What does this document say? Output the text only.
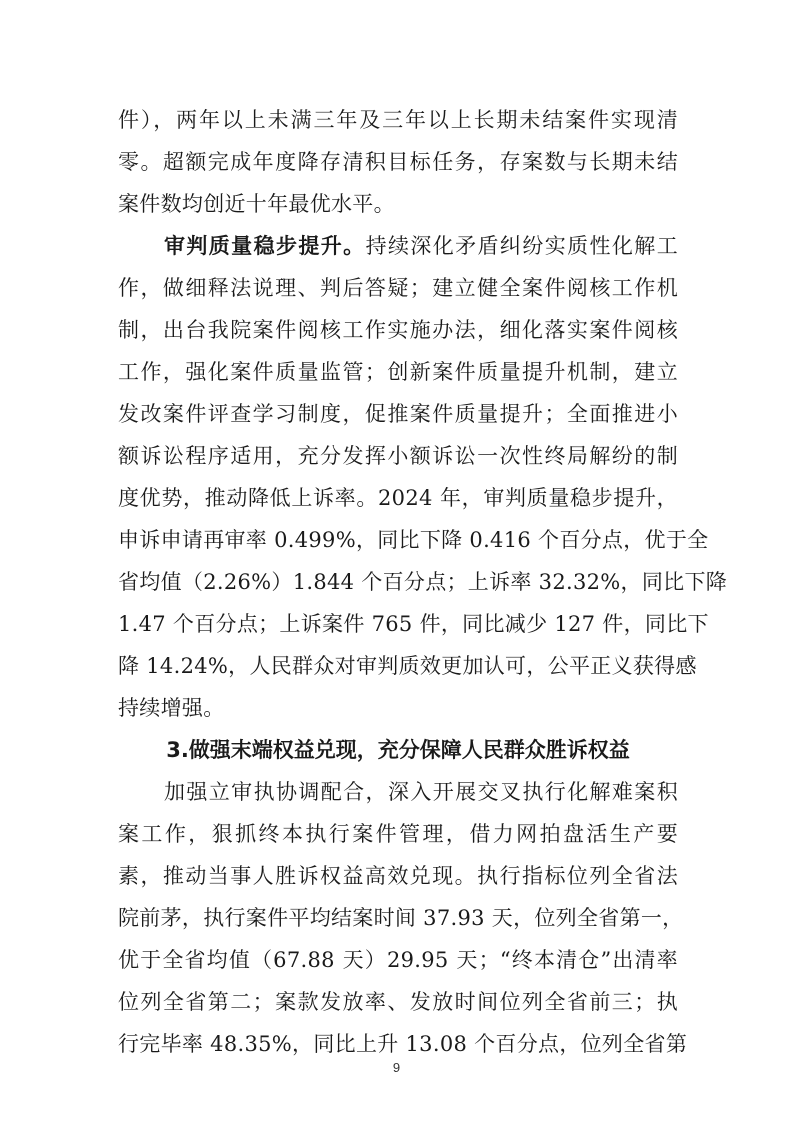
件），两年以上未满三年及三年以上长期未结案件实现清
零。超额完成年度降存清积目标任务，存案数与长期未结
案件数均创近十年最优水平。
审判质量稳步提升。持续深化矛盾纠纷实质性化解工
作，做细释法说理、判后答疑；建立健全案件阅核工作机
制，出台我院案件阅核工作实施办法，细化落实案件阅核
工作，强化案件质量监管；创新案件质量提升机制，建立
发改案件评查学习制度，促推案件质量提升；全面推进小
额诉讼程序适用，充分发挥小额诉讼一次性终局解纷的制
度优势，推动降低上诉率。2024 年，审判质量稳步提升，
申诉申请再审率 0.499%，同比下降 0.416 个百分点，优于全
省均值（2.26%）1.844 个百分点；上诉率 32.32%，同比下降
1.47 个百分点；上诉案件 765 件，同比减少 127 件，同比下
降 14.24%，人民群众对审判质效更加认可，公平正义获得感
持续增强。
3.做强末端权益兑现，充分保障人民群众胜诉权益
加强立审执协调配合，深入开展交叉执行化解难案积
案工作，狠抓终本执行案件管理，借力网拍盘活生产要
素，推动当事人胜诉权益高效兑现。执行指标位列全省法
院前茅，执行案件平均结案时间 37.93 天，位列全省第一，
优于全省均值（67.88 天）29.95 天；“终本清仓”出清率
位列全省第二；案款发放率、发放时间位列全省前三；执
行完毕率 48.35%，同比上升 13.08 个百分点，位列全省第
9
